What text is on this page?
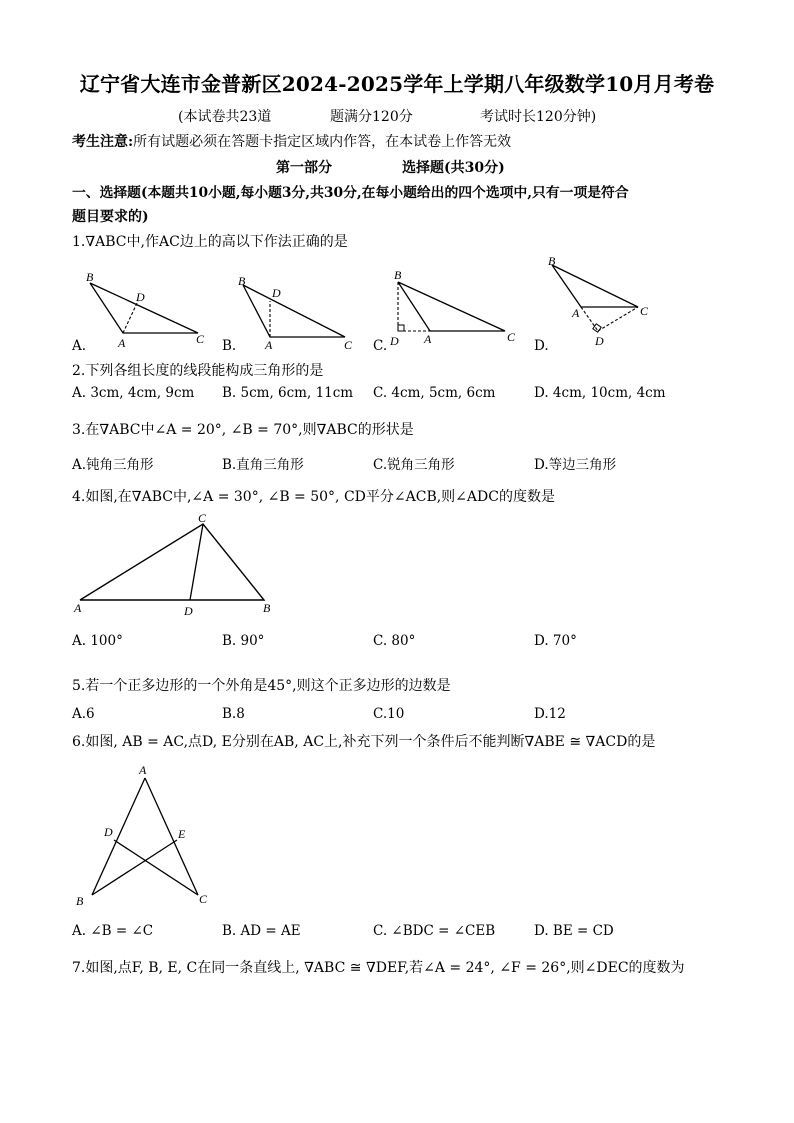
辽宁省大连市金普新区2024-2025学年上学期八年级数学10月月考卷
(本试卷共23道	题满分120分	考试时长120分钟)
考生注意:所有试题必须在答题卡指定区域内作答，在本试卷上作答无效
第一部分	选择题(共30分)
一、选择题(本题共10小题,每小题3分,共30分,在每小题给出的四个选项中,只有一项是符合
题目要求的)
1.∇ABC中,作AC边上的高以下作法正确的是
B
D
A	C
B
D
A	C
B
D A	C
B
A	C
D
A.	B.	C.	D.
2.下列各组长度的线段能构成三角形的是
A. 3cm, 4cm, 9cm B. 5cm, 6cm, 11cm C. 4cm, 5cm, 6cm	D. 4cm, 10cm, 4cm
3.在∇ABC中∠A = 20°, ∠B = 70°,则∇ABC的形状是
A.钝角三角形	B.直角三角形	C.锐角三角形	D.等边三角形
4.如图,在∇ABC中,∠A = 30°, ∠B = 50°, CD平分∠ACB,则∠ADC的度数是
C
A	D	B
A. 100°	B. 90°	C. 80°	D. 70°
5.若一个正多边形的一个外角是45°,则这个正多边形的边数是
A.6	B.8	C.10	D.12
6.如图, AB = AC,点D, E分别在AB, AC上,补充下列一个条件后不能判断∇ABE ≅ ∇ACD的是
A
D	E
B	C
A. ∠B = ∠C	B. AD = AE	C. ∠BDC = ∠CEB	D. BE = CD
7.如图,点F, B, E, C在同一条直线上, ∇ABC ≅ ∇DEF,若∠A = 24°, ∠F = 26°,则∠DEC的度数为
